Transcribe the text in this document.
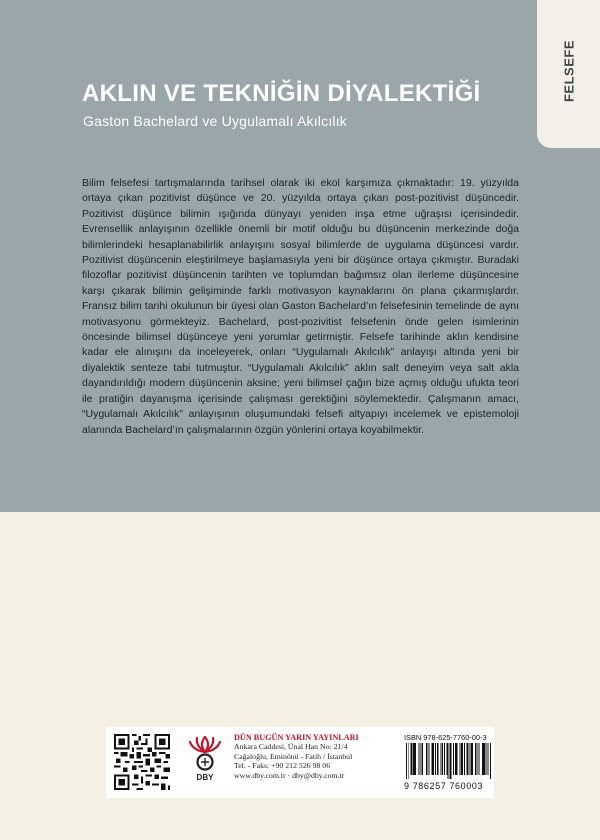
FELSEFE
AKLIN VE TEKNİĞİN DİYALEKTİĞİ

Gaston Bachelard ve Uygulamalı Akılcılık

Bilim felsefesi tartışmalarında tarihsel olarak iki ekol karşımıza çıkmaktadır: 19. yüzyılda ortaya çıkan pozitivist düşünce ve 20. yüzyılda ortaya çıkan post-pozitivist düşüncedir. Pozitivist düşünce bilimin ışığında dünyayı yeniden inşa etme uğraşısı içerisindedir. Evrensellik anlayışının özellikle önemli bir motif olduğu bu düşüncenin merkezinde doğa bilimlerindeki hesaplanabilirlik anlayışını sosyal bilimlerde de uygulama düşüncesi vardır. Pozitivist düşüncenin eleştirilmeye başlamasıyla yeni bir düşünce ortaya çıkmıştır. Buradaki filozoflar pozitivist düşüncenin tarihten ve toplumdan bağımsız olan ilerleme düşüncesine karşı çıkarak bilimin gelişiminde farklı motivasyon kaynaklarını ön plana çıkarmışlardır. Fransız bilim tarihi okulunun bir üyesi olan Gaston Bachelard’ın felsefesinin temelinde de aynı motivasyonu görmekteyiz. Bachelard, post-pozivitist felsefenin önde gelen isimlerinin öncesinde bilimsel düşünceye yeni yorumlar getirmiştir. Felsefe tarihinde aklın kendisine kadar ele alınışını da inceleyerek, onları “Uygulamalı Akılcılık” anlayışı altında yeni bir diyalektik senteze tabi tutmuştur. “Uygulamalı Akılcılık” aklın salt deneyim veya salt akla dayandırıldığı modern düşüncenin aksine; yeni bilimsel çağın bize açmış olduğu ufukta teori ile pratiğin dayanışma içerisinde çalışması gerektiğini söylemektedir. Çalışmanın amacı, “Uygulamalı Akılcılık” anlayışının oluşumundaki felsefi altyapıyı incelemek ve epistemoloji alanında Bachelard’ın çalışmalarının özgün yönlerini ortaya koyabilmektir.

DBY
DÜN BUGÜN YARIN YAYINLARI
Ankara Caddesi, Ünal Han No: 21/4
Cağaloğlu, Eminönü - Fatih / İstanbul
Tel. - Faks: +90 212 526 98 06
www.dby.com.tr · dby@dby.com.tr
ISBN 978-625-7760-00-3
9 786257 760003
